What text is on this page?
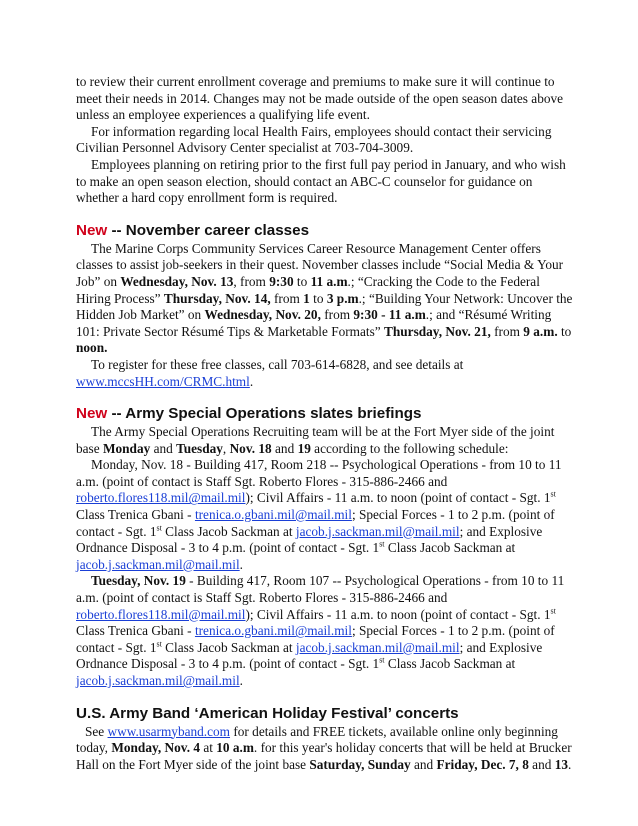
to review their current enrollment coverage and premiums to make sure it will continue to meet their needs in 2014. Changes may not be made outside of the open season dates above unless an employee experiences a qualifying life event.

For information regarding local Health Fairs, employees should contact their servicing Civilian Personnel Advisory Center specialist at 703-704-3009.

Employees planning on retiring prior to the first full pay period in January, and who wish to make an open season election, should contact an ABC-C counselor for guidance on whether a hard copy enrollment form is required.

New -- November career classes

The Marine Corps Community Services Career Resource Management Center offers classes to assist job-seekers in their quest. November classes include “Social Media & Your Job” on Wednesday, Nov. 13, from 9:30 to 11 a.m.; “Cracking the Code to the Federal Hiring Process” Thursday, Nov. 14, from 1 to 3 p.m.; “Building Your Network: Uncover the Hidden Job Market” on Wednesday, Nov. 20, from 9:30 - 11 a.m.; and “Résumé Writing 101: Private Sector Résumé Tips & Marketable Formats” Thursday, Nov. 21, from 9 a.m. to noon.

To register for these free classes, call 703-614-6828, and see details at www.mccsHH.com/CRMC.html.

New -- Army Special Operations slates briefings

The Army Special Operations Recruiting team will be at the Fort Myer side of the joint base Monday and Tuesday, Nov. 18 and 19 according to the following schedule:

Monday, Nov. 18 - Building 417, Room 218 -- Psychological Operations - from 10 to 11 a.m. (point of contact is Staff Sgt. Roberto Flores - 315-886-2466 and roberto.flores118.mil@mail.mil); Civil Affairs - 11 a.m. to noon (point of contact - Sgt. 1st Class Trenica Gbani - trenica.o.gbani.mil@mail.mil; Special Forces - 1 to 2 p.m. (point of contact - Sgt. 1st Class Jacob Sackman at jacob.j.sackman.mil@mail.mil; and Explosive Ordnance Disposal - 3 to 4 p.m. (point of contact - Sgt. 1st Class Jacob Sackman at jacob.j.sackman.mil@mail.mil.

Tuesday, Nov. 19 - Building 417, Room 107 -- Psychological Operations - from 10 to 11 a.m. (point of contact is Staff Sgt. Roberto Flores - 315-886-2466 and roberto.flores118.mil@mail.mil); Civil Affairs - 11 a.m. to noon (point of contact - Sgt. 1st Class Trenica Gbani - trenica.o.gbani.mil@mail.mil; Special Forces - 1 to 2 p.m. (point of contact - Sgt. 1st Class Jacob Sackman at jacob.j.sackman.mil@mail.mil; and Explosive Ordnance Disposal - 3 to 4 p.m. (point of contact - Sgt. 1st Class Jacob Sackman at jacob.j.sackman.mil@mail.mil.

U.S. Army Band ‘American Holiday Festival’ concerts

See www.usarmyband.com for details and FREE tickets, available online only beginning today, Monday, Nov. 4 at 10 a.m. for this year's holiday concerts that will be held at Brucker Hall on the Fort Myer side of the joint base Saturday, Sunday and Friday, Dec. 7, 8 and 13.
